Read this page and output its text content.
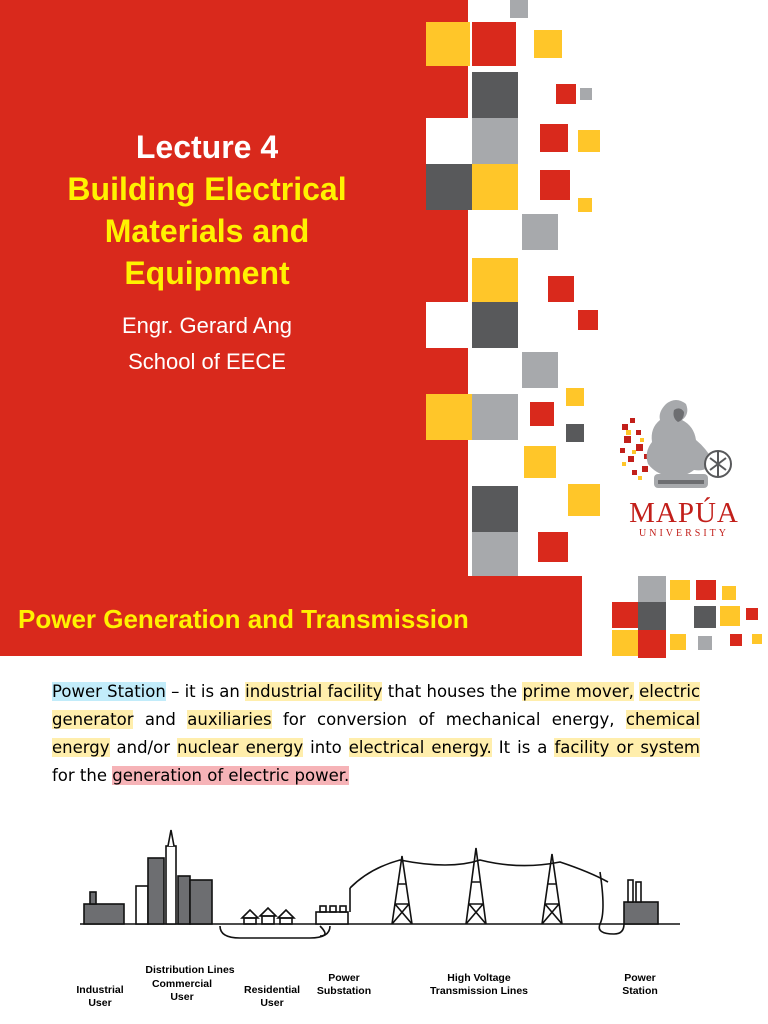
Lecture 4
Building Electrical
Materials and
Equipment
Engr. Gerard Ang
School of EECE
MAPÚA
UNIVERSITY
Power Generation and Transmission
Power Station – it is an industrial facility that houses the prime mover, electric generator and auxiliaries for conversion of mechanical energy, chemical energy and/or nuclear energy into electrical energy. It is a facility or system for the generation of electric power.
Distribution Lines
Industrial
User
Commercial
User
Residential
User
Power
Substation
High Voltage
Transmission Lines
Power
Station
